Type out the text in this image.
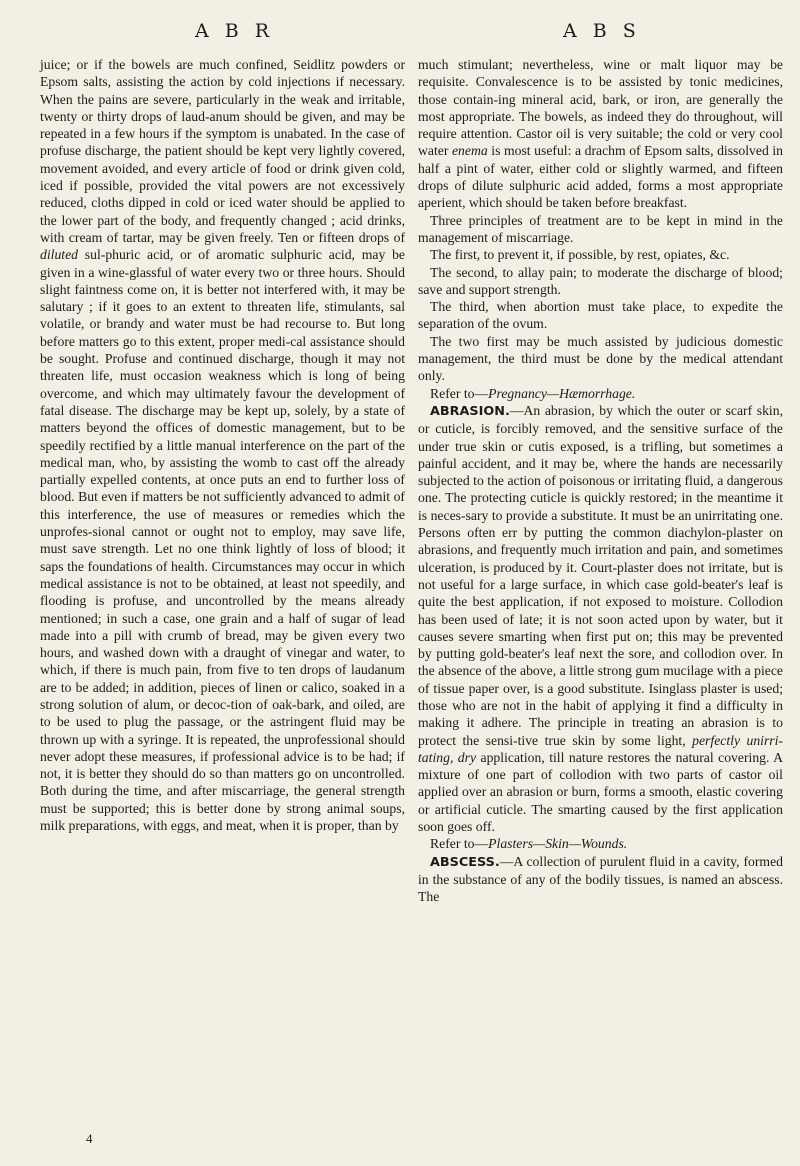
A B R	A B S

juice; or if the bowels are much confined, Seidlitz powders or Epsom salts, assisting the action by cold injections if necessary. When the pains are severe, particularly in the weak and irritable, twenty or thirty drops of laud-anum should be given, and may be repeated in a few hours if the symptom is unabated. In the case of profuse discharge, the patient should be kept very lightly covered, movement avoided, and every article of food or drink given cold, iced if possible, provided the vital powers are not excessively reduced, cloths dipped in cold or iced water should be applied to the lower part of the body, and frequently changed ; acid drinks, with cream of tartar, may be given freely. Ten or fifteen drops of diluted sul-phuric acid, or of aromatic sulphuric acid, may be given in a wine-glassful of water every two or three hours. Should slight faintness come on, it is better not interfered with, it may be salutary ; if it goes to an extent to threaten life, stimulants, sal volatile, or brandy and water must be had recourse to. But long before matters go to this extent, proper medi-cal assistance should be sought. Profuse and continued discharge, though it may not threaten life, must occasion weakness which is long of being overcome, and which may ultimately favour the development of fatal disease. The discharge may be kept up, solely, by a state of matters beyond the offices of domestic management, but to be speedily rectified by a little manual interference on the part of the medical man, who, by assisting the womb to cast off the already partially expelled contents, at once puts an end to further loss of blood. But even if matters be not sufficiently advanced to admit of this interference, the use of measures or remedies which the unprofes-sional cannot or ought not to employ, may save life, must save strength. Let no one think lightly of loss of blood; it saps the foundations of health. Circumstances may occur in which medical assistance is not to be obtained, at least not speedily, and flooding is profuse, and uncontrolled by the means already mentioned; in such a case, one grain and a half of sugar of lead made into a pill with crumb of bread, may be given every two hours, and washed down with a draught of vinegar and water, to which, if there is much pain, from five to ten drops of laudanum are to be added; in addition, pieces of linen or calico, soaked in a strong solution of alum, or decoc-tion of oak-bark, and oiled, are to be used to plug the passage, or the astringent fluid may be thrown up with a syringe. It is repeated, the unprofessional should never adopt these measures, if professional advice is to be had; if not, it is better they should do so than matters go on uncontrolled. Both during the time, and after miscarriage, the general strength must be supported; this is better done by strong animal soups, milk preparations, with eggs, and meat, when it is proper, than by

much stimulant; nevertheless, wine or malt liquor may be requisite. Convalescence is to be assisted by tonic medicines, those contain-ing mineral acid, bark, or iron, are generally the most appropriate. The bowels, as indeed they do throughout, will require attention. Castor oil is very suitable; the cold or very cool water enema is most useful: a drachm of Epsom salts, dissolved in half a pint of water, either cold or slightly warmed, and fifteen drops of dilute sulphuric acid added, forms a most appropriate aperient, which should be taken before breakfast.

Three principles of treatment are to be kept in mind in the management of miscarriage.

The first, to prevent it, if possible, by rest, opiates, &c.

The second, to allay pain; to moderate the discharge of blood; save and support strength.

The third, when abortion must take place, to expedite the separation of the ovum.

The two first may be much assisted by judicious domestic management, the third must be done by the medical attendant only.

Refer to—Pregnancy—Hæmorrhage.

ABRASION.—An abrasion, by which the outer or scarf skin, or cuticle, is forcibly removed, and the sensitive surface of the under true skin or cutis exposed, is a trifling, but sometimes a painful accident, and it may be, where the hands are necessarily subjected to the action of poisonous or irritating fluid, a dangerous one. The protecting cuticle is quickly restored; in the meantime it is neces-sary to provide a substitute. It must be an unirritating one. Persons often err by putting the common diachylon-plaster on abrasions, and frequently much irritation and pain, and sometimes ulceration, is produced by it. Court-plaster does not irritate, but is not useful for a large surface, in which case gold-beater's leaf is quite the best application, if not exposed to moisture. Collodion has been used of late; it is not soon acted upon by water, but it causes severe smarting when first put on; this may be prevented by putting gold-beater's leaf next the sore, and collodion over. In the absence of the above, a little strong gum mucilage with a piece of tissue paper over, is a good substitute. Isinglass plaster is used; those who are not in the habit of applying it find a difficulty in making it adhere. The principle in treating an abrasion is to protect the sensi-tive true skin by some light, perfectly unirri-tating, dry application, till nature restores the natural covering. A mixture of one part of collodion with two parts of castor oil applied over an abrasion or burn, forms a smooth, elastic covering or artificial cuticle. The smarting caused by the first application soon goes off.

Refer to—Plasters—Skin—Wounds.

ABSCESS.—A collection of purulent fluid in a cavity, formed in the substance of any of the bodily tissues, is named an abscess. The

4
